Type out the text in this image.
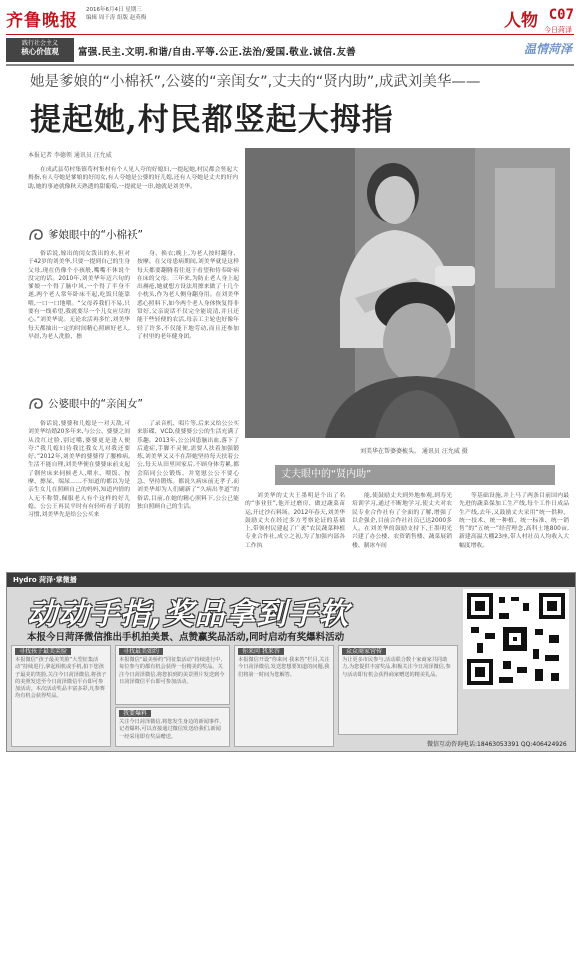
齐鲁晚报
2016年6月4日 星期三
编辑 周千涛 组版 赵英梅	人物 C07
今日菏泽
践行社会主义
核心价值观	富强.民主.文明.和谐/自由.平等.公正.法治/爱国.敬业.诚信.友善	温情菏泽
她是爹娘的“小棉袄”,公婆的“亲闺女”,丈夫的“贤内助”,成武刘美华——
提起她,村民都竖起大拇指
本报记者 李德领 通讯员 汪允威

在成武县苟村集镇苟村集村有个人见人夸的好媳妇,一提起她,村民都会竖起大拇指,有人夸她是爹娘的好闺女,有人夸她是公婆的好儿媳,还有人夸她是丈夫的好内助,她的事迹就像秋天熟透的甜葡萄,一提就是一串,她就是刘美华。

刘美华在帮婆婆梳头。 通讯员 汪允威 摄
爹娘眼中的“小棉袄”

俗话说,嫁出的闺女泼出的水,但对于42岁的刘美华,只要一提到自己的生身父母,现在仍像个小孩般,嘴嘴不休说个没完的话。2010年,刘美华年迈六旬的爹娘一个得了脑中风,一个得了半身不遂,两个老人常年卧床不起,吃饭只能靠喂,一口一口地喂。“父母养我们不易,只要有一线希望,我就要尽一个儿女应尽的心。”刘美华说。无论农活再多忙,刘美华每天都抽出一定的时间精心照顾好老人,早晨,为老人洗脸、擦

身、换衣;晚上,为老人按时翻身、按摩。在父母患病期间,刘美华就是这样每天都要翻腾着往返于看望和侍奉卧病在床的父母。三年来,为防止老人身上起出褥疮,她就想方设法用擦来做了十几个小枕头,作为老人侧身翻身用。在刘美华悉心照料下,如今两个老人身体恢复得非常好,父亲说话不仅完全能说清,并且还能干些轻便的农活,母亲工主轮也好像年轻了许多,不仅能下地劳动,而且还参加了村里的老年健身团。

公婆眼中的“亲闺女”

俗话说,婆婆和儿媳是一对天敌,可刘美华结婚20多年来,与公公、婆婆之间从没红过脸,别过嘴,婆婆更是逢人便夸:“我儿媳妇待我比我女儿对我还要好。”2012年,刘美华的婆婆得了腰椎病,生活不能自理,刘美华便在婆婆床前支起了钢丝床来伺候老人,喂水、喂饭、按摩、擦屎、端尿……不知道的都以为是亲生女儿在照顾自己的妈妈,知道内情的人无不称赞,佩服老人有个这样的好儿媳。公公王再民平时有有轻听看子说的习惯,刘美华先是给公公买来

了录音机、唱片等,后来又给公公买来影碟、VCD,使婆婆公公的生活充满了乐趣。2013年,公公因患脑出血,落下了后遗症,手脚不灵便,需要人扶着加强锻炼,刘美华又又不在辞她坚持每天扶着公公,每天从田里回家后,不顾身体劳累,都会陪同公公锻炼、并宽慰公公不要心急、坚持锻炼。都说久病床前无孝子,而刘美华却为人们刷新了“久病出孝道”的俗话,目前,在她的精心照料下,公公已能独自照顾自己的生活。

丈夫眼中的“贤内助”

刘美华的丈夫王墨明是个出了名的“事业狂”,他开过磨房、做过蔬菜苗运,开过沙石料场。2012年春天,刘美华鼓励丈夫在经过多方考察论证的基础上,带领村民建起了广袤“农民蔬菜种植专业合作社,成立之初,为了加强内部各工作执

能,使鼓励丈夫到外地参观,到寿光培训学习,通过不断地学习,使丈夫对农民专业合作社有了全面的了解,增强了以企强企,目前合作社社员已达2000多人。在刘美华的鼓励支持下,王墨明光兴建了办公楼、农资销售楼、蔬菜展销楼、制冰车间

等基础设施,并上马了两条目前国内最先进的蔬菜保加工生产线,每个工作日成品生产线,去年,又鼓励丈夫采用“统一供种、统一技术、统一种植、统一标准、统一销售”的“五统一”经营理念,高科土地800亩,新建高温大棚23座,带人村社员人均收入大幅度增收。

Hydro 菏泽·掌微播
动动手指,奖品拿到手软
本报今日菏泽微信推出手机拍美景、点赞赢奖品活动,同时启动有奖爆料活动
寻找孩子最美笑脸
本报微信“孩子最美笑脸”大型征集活动“持续进行,拿起相机或手机,拍下您孩子最美的笑脸,关注今日菏泽微信,将孩子的美照发送至今日菏泽微信平台即可参加活动。本次活动奖品丰富多彩,凡参赛均有机会获得奖品。
寻找最美如约
本报微信“最美桥约”同征集活动“持续进行中,每位参与的都有机会获得一份精美的奖品。关注今日菏泽微信,将您拍到的美景照片发送到今日菏泽微信平台即可参加活动。
我要爆料
关注今日菏泽微信,将您发生身边的新闻事件、记者爆料,可以直接通过微信发送给我们,新闻一经采用即有奖品赠送。
你来问 我来答
本报微信开设“你来问 我来答”栏目,关注今日菏泽微信,发送您想要知道的问题,我们将第一时间为您解答。
众众商家营传
为让更多市民参与,活动联合数十家商家共同助力,为您提供丰富奖品,积极关注今日菏泽微信,参与活动即有机会获得商家赠送的精美礼品。
微信互动咨询电话:18463053391 QQ:406424926
